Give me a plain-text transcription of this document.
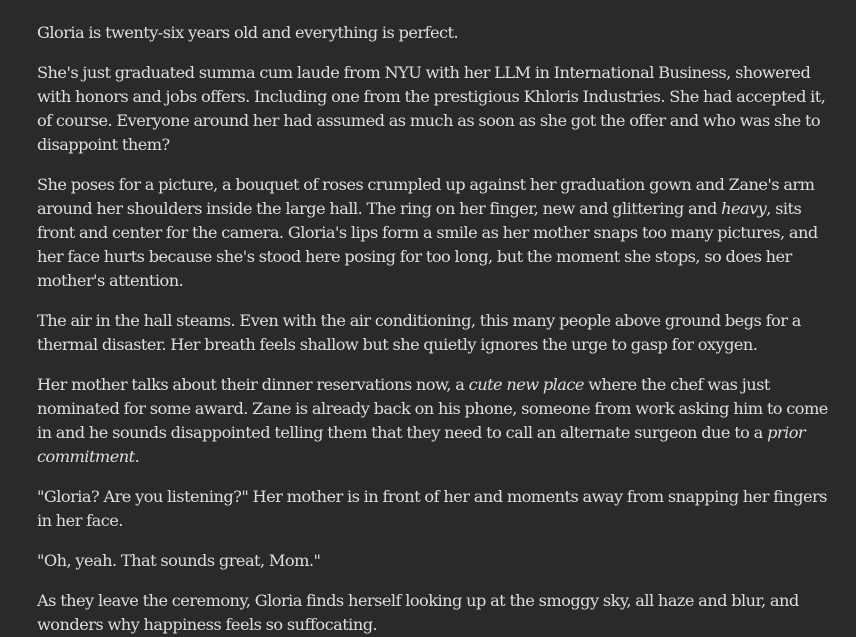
Gloria is twenty-six years old and everything is perfect.

She's just graduated summa cum laude from NYU with her LLM in International Business, showered with honors and jobs offers. Including one from the prestigious Khloris Industries. She had accepted it, of course. Everyone around her had assumed as much as soon as she got the offer and who was she to disappoint them?

She poses for a picture, a bouquet of roses crumpled up against her graduation gown and Zane's arm around her shoulders inside the large hall. The ring on her finger, new and glittering and heavy, sits front and center for the camera. Gloria's lips form a smile as her mother snaps too many pictures, and her face hurts because she's stood here posing for too long, but the moment she stops, so does her mother's attention.

The air in the hall steams. Even with the air conditioning, this many people above ground begs for a thermal disaster. Her breath feels shallow but she quietly ignores the urge to gasp for oxygen.

Her mother talks about their dinner reservations now, a cute new place where the chef was just nominated for some award. Zane is already back on his phone, someone from work asking him to come in and he sounds disappointed telling them that they need to call an alternate surgeon due to a prior commitment.

"Gloria? Are you listening?" Her mother is in front of her and moments away from snapping her fingers in her face.

"Oh, yeah. That sounds great, Mom."

As they leave the ceremony, Gloria finds herself looking up at the smoggy sky, all haze and blur, and wonders why happiness feels so suffocating.
